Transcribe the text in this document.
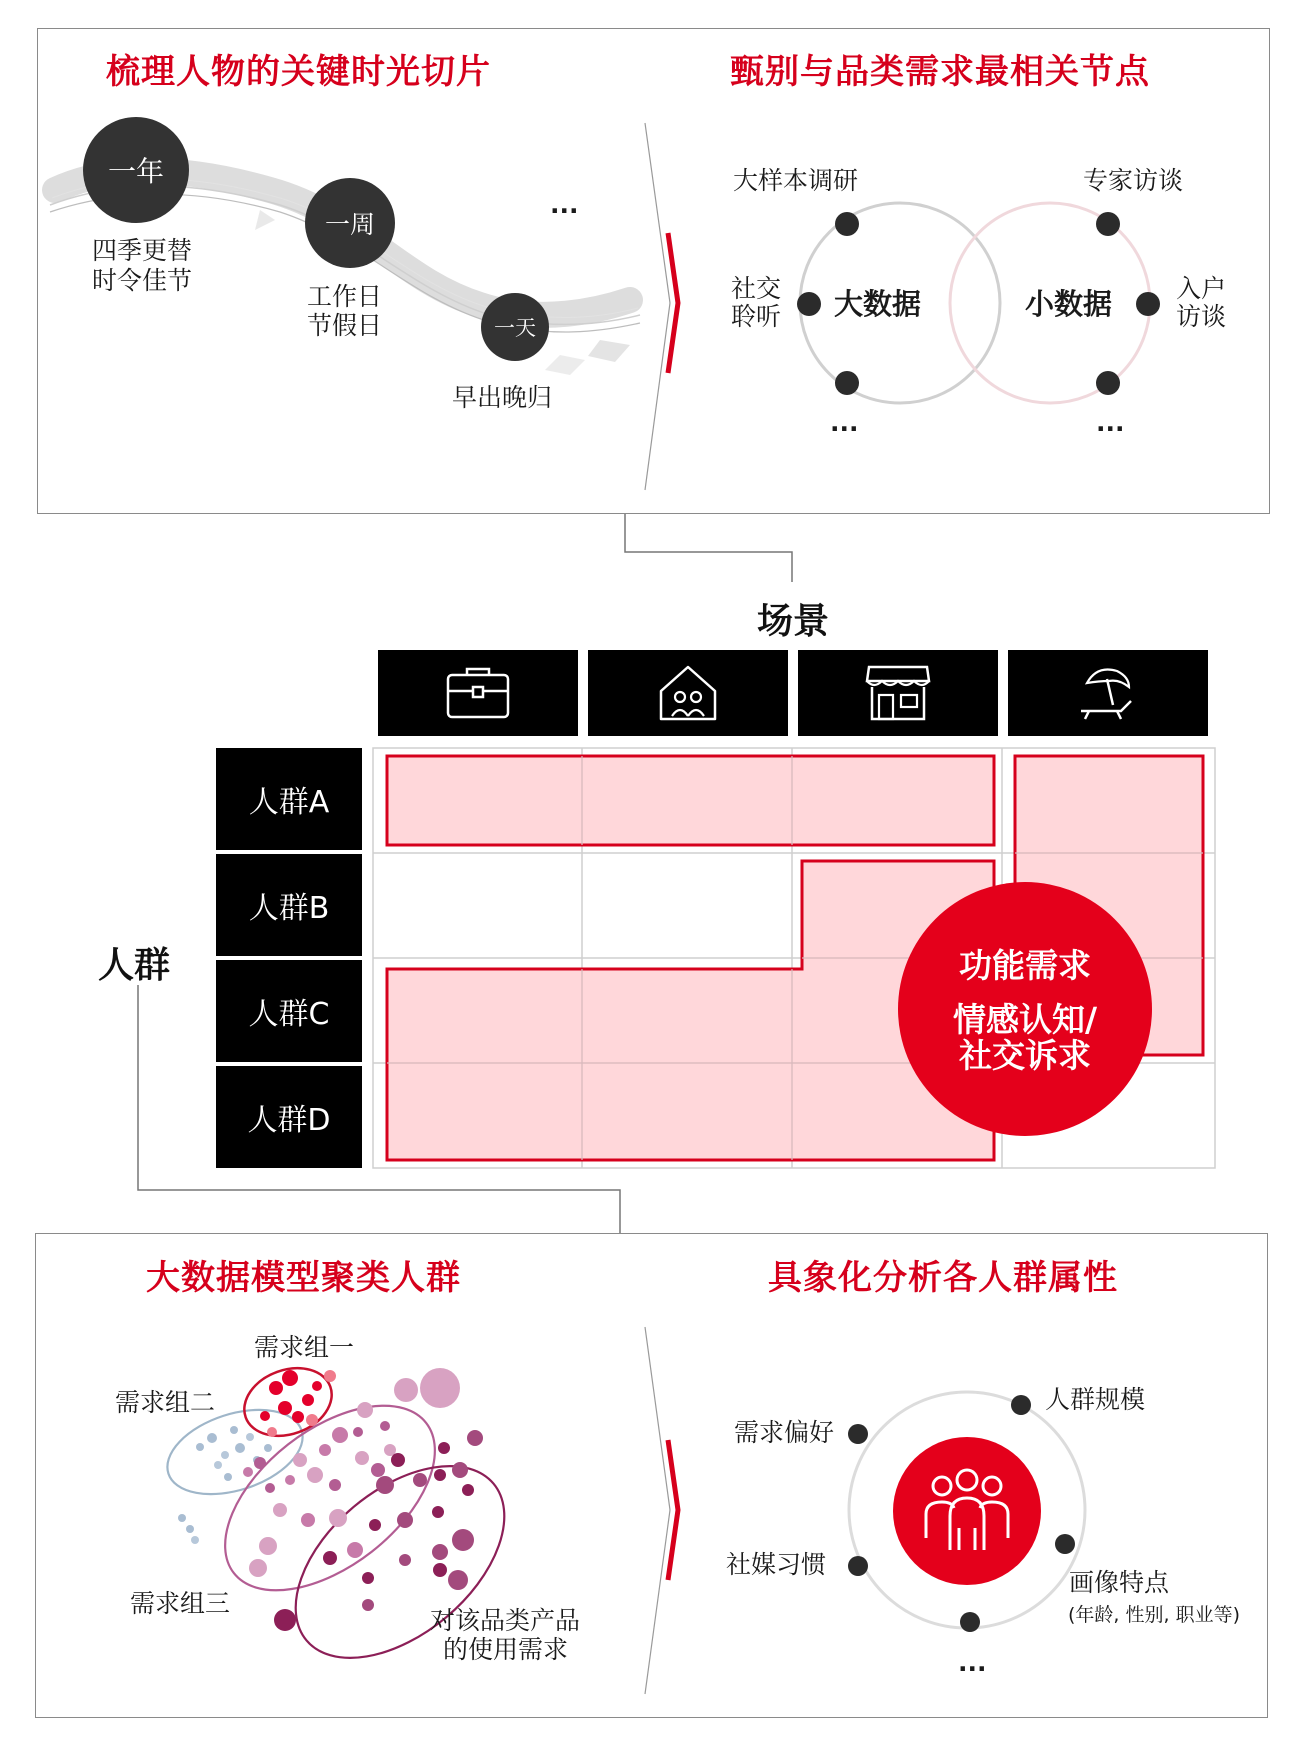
梳理人物的关键时光切片	甄别与品类需求最相关节点
一年
四季更替
时令佳节
一周
工作日
节假日	一天
早出晚归
...
大数据	小数据
大样本调研	专家访谈
社交
聆听
入户
访谈
...	...
场景
人群
人群A
人群B
人群C
人群D
功能需求
情感认知/
社交诉求
大数据模型聚类人群	具象化分析各人群属性
需求组一
需求组二
需求组三
对该品类产品
的使用需求
人群规模
需求偏好
社媒习惯
画像特点
(年龄, 性别, 职业等)
...
